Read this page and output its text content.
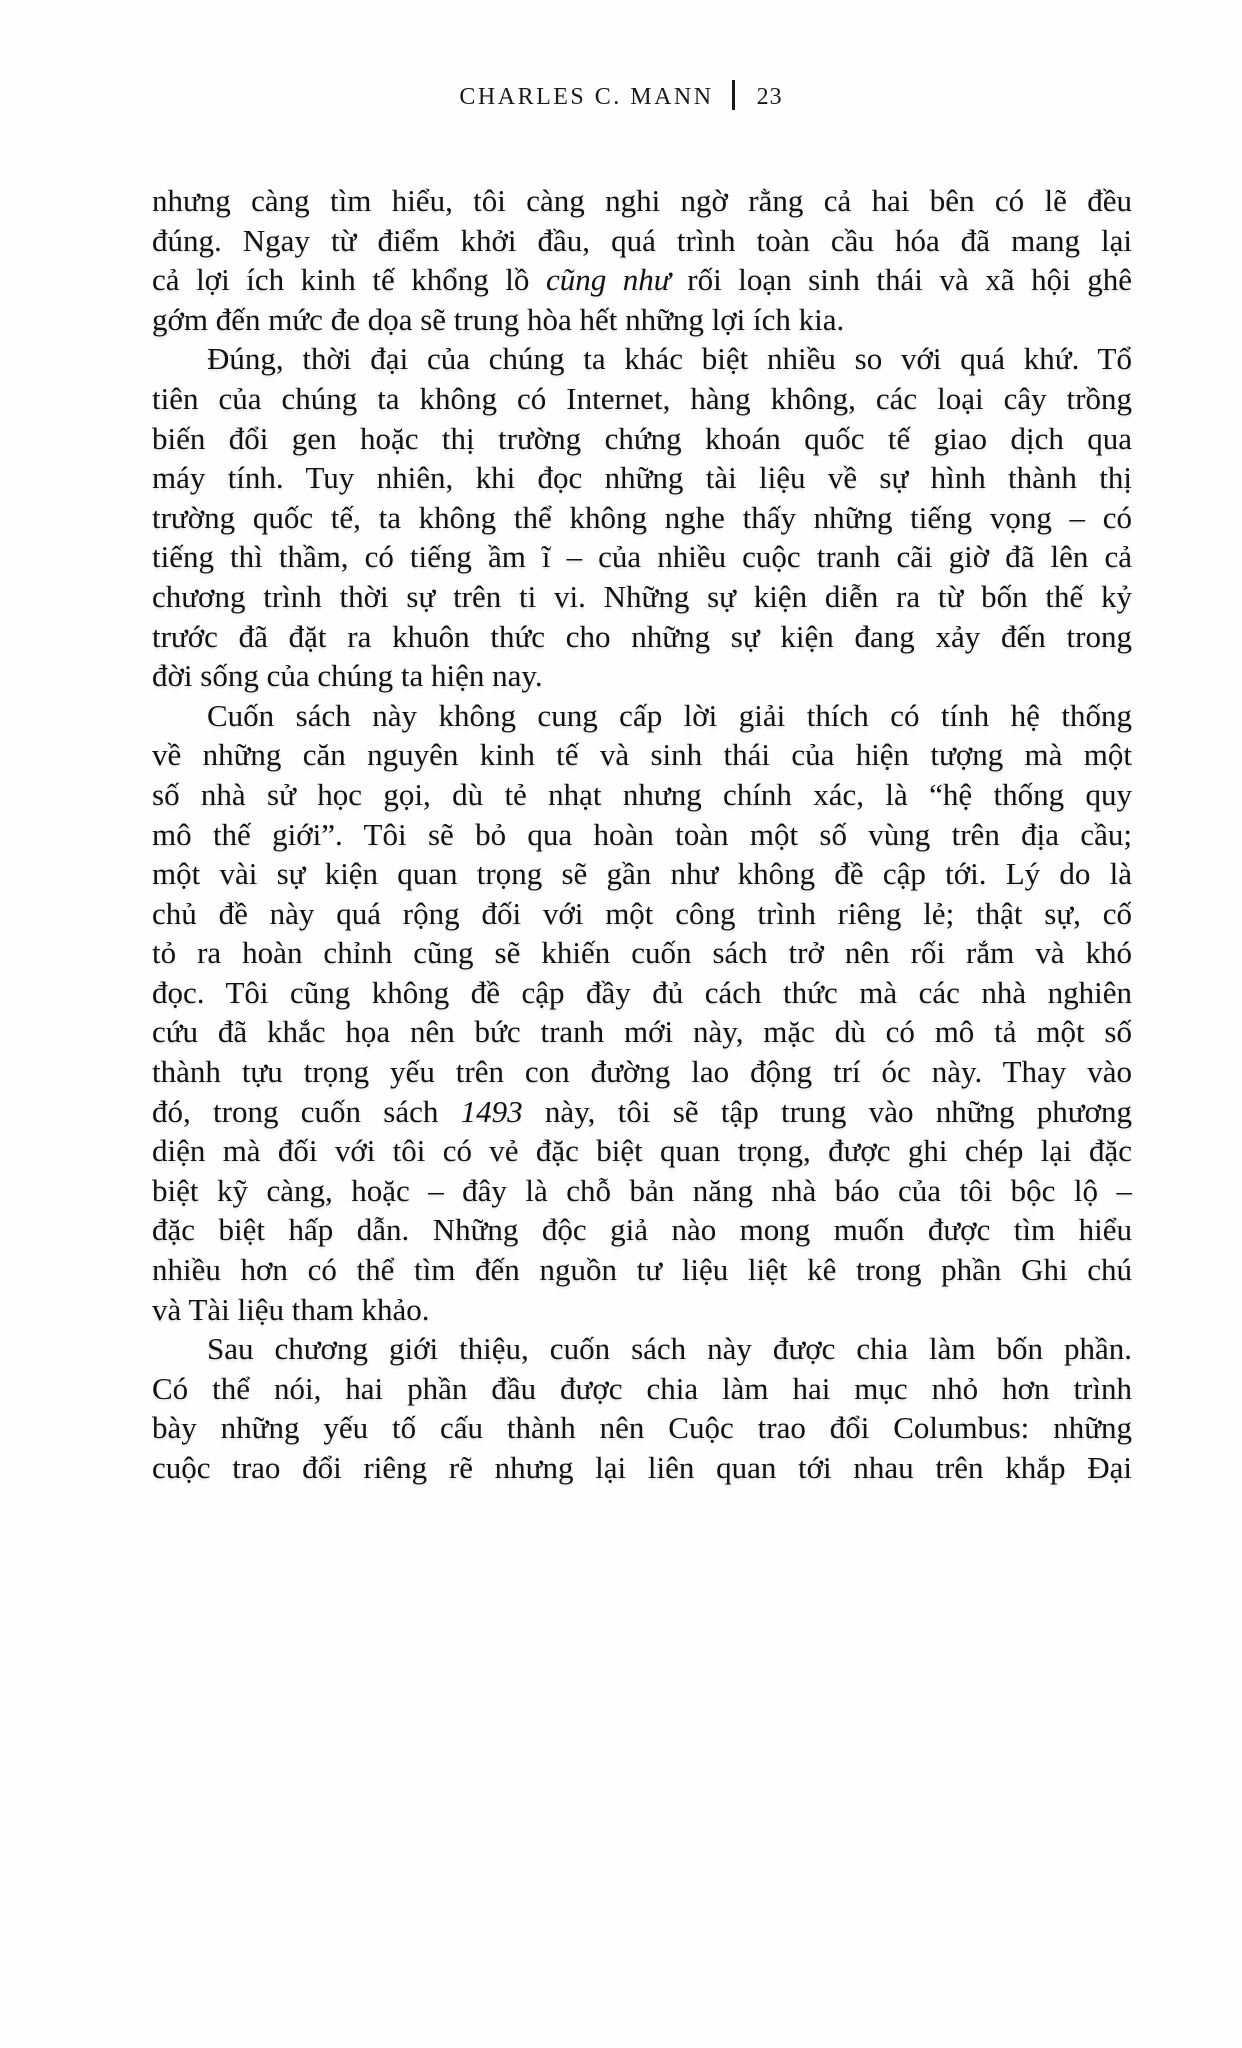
CHARLES C. MANN 23
nhưng càng tìm hiểu, tôi càng nghi ngờ rằng cả hai bên có lẽ đều
đúng. Ngay từ điểm khởi đầu, quá trình toàn cầu hóa đã mang lại
cả lợi ích kinh tế khổng lồ cũng như rối loạn sinh thái và xã hội ghê
gớm đến mức đe dọa sẽ trung hòa hết những lợi ích kia.
Đúng, thời đại của chúng ta khác biệt nhiều so với quá khứ. Tổ
tiên của chúng ta không có Internet, hàng không, các loại cây trồng
biến đổi gen hoặc thị trường chứng khoán quốc tế giao dịch qua
máy tính. Tuy nhiên, khi đọc những tài liệu về sự hình thành thị
trường quốc tế, ta không thể không nghe thấy những tiếng vọng – có
tiếng thì thầm, có tiếng ầm ĩ – của nhiều cuộc tranh cãi giờ đã lên cả
chương trình thời sự trên ti vi. Những sự kiện diễn ra từ bốn thế kỷ
trước đã đặt ra khuôn thức cho những sự kiện đang xảy đến trong
đời sống của chúng ta hiện nay.
Cuốn sách này không cung cấp lời giải thích có tính hệ thống
về những căn nguyên kinh tế và sinh thái của hiện tượng mà một
số nhà sử học gọi, dù tẻ nhạt nhưng chính xác, là “hệ thống quy
mô thế giới”. Tôi sẽ bỏ qua hoàn toàn một số vùng trên địa cầu;
một vài sự kiện quan trọng sẽ gần như không đề cập tới. Lý do là
chủ đề này quá rộng đối với một công trình riêng lẻ; thật sự, cố
tỏ ra hoàn chỉnh cũng sẽ khiến cuốn sách trở nên rối rắm và khó
đọc. Tôi cũng không đề cập đầy đủ cách thức mà các nhà nghiên
cứu đã khắc họa nên bức tranh mới này, mặc dù có mô tả một số
thành tựu trọng yếu trên con đường lao động trí óc này. Thay vào
đó, trong cuốn sách 1493 này, tôi sẽ tập trung vào những phương
diện mà đối với tôi có vẻ đặc biệt quan trọng, được ghi chép lại đặc
biệt kỹ càng, hoặc – đây là chỗ bản năng nhà báo của tôi bộc lộ –
đặc biệt hấp dẫn. Những độc giả nào mong muốn được tìm hiểu
nhiều hơn có thể tìm đến nguồn tư liệu liệt kê trong phần Ghi chú
và Tài liệu tham khảo.
Sau chương giới thiệu, cuốn sách này được chia làm bốn phần.
Có thể nói, hai phần đầu được chia làm hai mục nhỏ hơn trình
bày những yếu tố cấu thành nên Cuộc trao đổi Columbus: những
cuộc trao đổi riêng rẽ nhưng lại liên quan tới nhau trên khắp Đại
